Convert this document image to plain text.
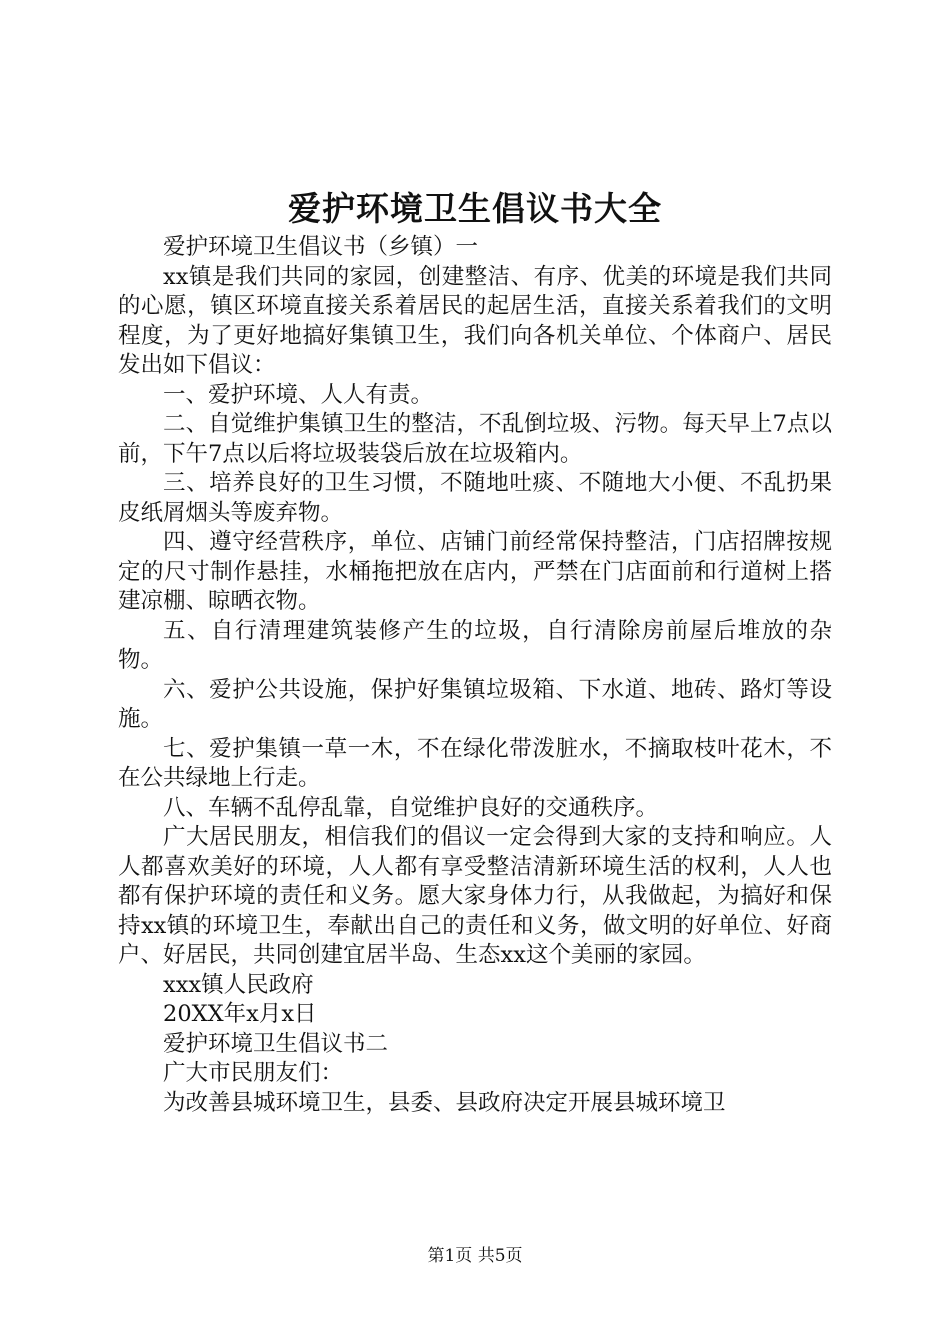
爱护环境卫生倡议书大全

爱护环境卫生倡议书（乡镇）一

xx镇是我们共同的家园，创建整洁、有序、优美的环境是我们共同的心愿，镇区环境直接关系着居民的起居生活，直接关系着我们的文明程度，为了更好地搞好集镇卫生，我们向各机关单位、个体商户、居民发出如下倡议：

一、爱护环境、人人有责。

二、自觉维护集镇卫生的整洁，不乱倒垃圾、污物。每天早上7点以前，下午7点以后将垃圾装袋后放在垃圾箱内。

三、培养良好的卫生习惯，不随地吐痰、不随地大小便、不乱扔果皮纸屑烟头等废弃物。

四、遵守经营秩序，单位、店铺门前经常保持整洁，门店招牌按规定的尺寸制作悬挂，水桶拖把放在店内，严禁在门店面前和行道树上搭建凉棚、晾晒衣物。

五、自行清理建筑装修产生的垃圾，自行清除房前屋后堆放的杂物。

六、爱护公共设施，保护好集镇垃圾箱、下水道、地砖、路灯等设施。

七、爱护集镇一草一木，不在绿化带泼脏水，不摘取枝叶花木，不在公共绿地上行走。

八、车辆不乱停乱靠，自觉维护良好的交通秩序。

广大居民朋友，相信我们的倡议一定会得到大家的支持和响应。人人都喜欢美好的环境，人人都有享受整洁清新环境生活的权利，人人也都有保护环境的责任和义务。愿大家身体力行，从我做起，为搞好和保持xx镇的环境卫生，奉献出自己的责任和义务，做文明的好单位、好商户、好居民，共同创建宜居半岛、生态xx这个美丽的家园。

xxx镇人民政府

20XX年x月x日

爱护环境卫生倡议书二

广大市民朋友们：

为改善县城环境卫生，县委、县政府决定开展县城环境卫

第1页 共5页
